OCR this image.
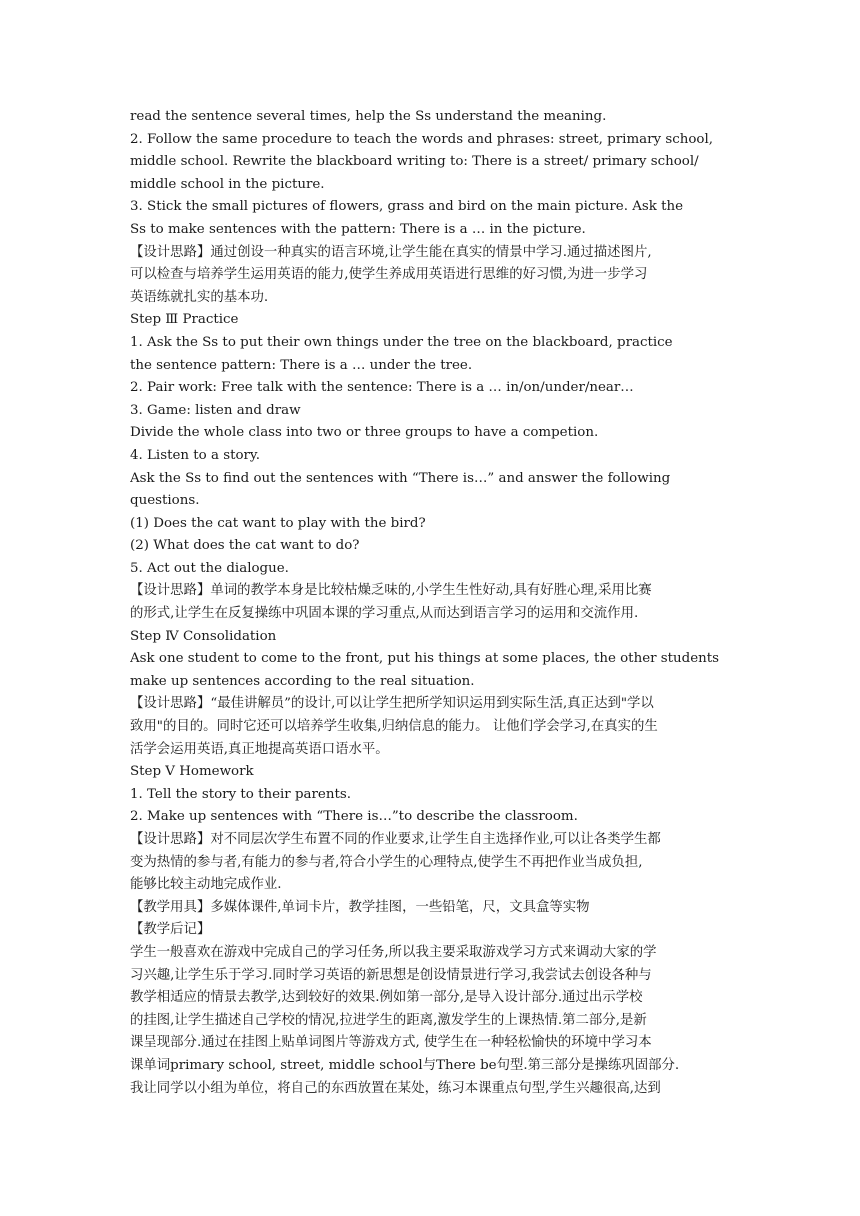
read the sentence several times, help the Ss understand the meaning.
2. Follow the same procedure to teach the words and phrases: street, primary school,
middle school. Rewrite the blackboard writing to: There is a street/ primary school/
middle school in the picture.
3. Stick the small pictures of flowers, grass and bird on the main picture. Ask the
Ss to make sentences with the pattern: There is a … in the picture.
【设计思路】通过创设一种真实的语言环境,让学生能在真实的情景中学习.通过描述图片,
可以检查与培养学生运用英语的能力,使学生养成用英语进行思维的好习惯,为进一步学习
英语练就扎实的基本功.
Step Ⅲ Practice
1. Ask the Ss to put their own things under the tree on the blackboard, practice
the sentence pattern: There is a … under the tree.
2. Pair work: Free talk with the sentence: There is a … in/on/under/near…
3. Game: listen and draw
Divide the whole class into two or three groups to have a competion.
4. Listen to a story.
Ask the Ss to find out the sentences with “There is…” and answer the following
questions.
(1) Does the cat want to play with the bird?
(2) What does the cat want to do?
5. Act out the dialogue.
【设计思路】单词的教学本身是比较枯燥乏味的,小学生生性好动,具有好胜心理,采用比赛
的形式,让学生在反复操练中巩固本课的学习重点,从而达到语言学习的运用和交流作用.
Step Ⅳ Consolidation
Ask one student to come to the front, put his things at some places, the other students
make up sentences according to the real situation.
【设计思路】“最佳讲解员”的设计,可以让学生把所学知识运用到实际生活,真正达到"学以
致用"的目的。同时它还可以培养学生收集,归纳信息的能力。 让他们学会学习,在真实的生
活学会运用英语,真正地提高英语口语水平。
Step Ⅴ Homework
1. Tell the story to their parents.
2. Make up sentences with “There is…”to describe the classroom.
【设计思路】对不同层次学生布置不同的作业要求,让学生自主选择作业,可以让各类学生都
变为热情的参与者,有能力的参与者,符合小学生的心理特点,使学生不再把作业当成负担,
能够比较主动地完成作业.
【教学用具】多媒体课件,单词卡片，教学挂图，一些铅笔，尺，文具盒等实物
【教学后记】
学生一般喜欢在游戏中完成自己的学习任务,所以我主要采取游戏学习方式来调动大家的学
习兴趣,让学生乐于学习.同时学习英语的新思想是创设情景进行学习,我尝试去创设各种与
教学相适应的情景去教学,达到较好的效果.例如第一部分,是导入设计部分.通过出示学校
的挂图,让学生描述自己学校的情况,拉进学生的距离,激发学生的上课热情.第二部分,是新
课呈现部分.通过在挂图上贴单词图片等游戏方式, 使学生在一种轻松愉快的环境中学习本
课单词primary school, street, middle school与There be句型.第三部分是操练巩固部分.
我让同学以小组为单位，将自己的东西放置在某处，练习本课重点句型,学生兴趣很高,达到
